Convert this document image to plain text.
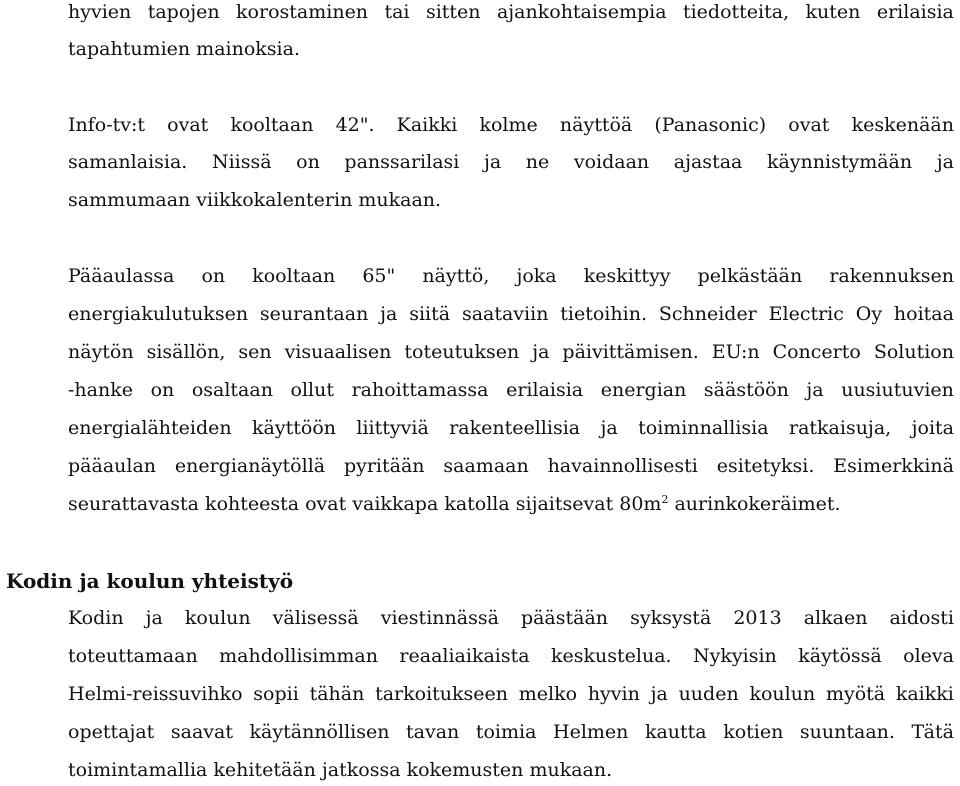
hyvien tapojen korostaminen tai sitten ajankohtaisempia tiedotteita, kuten erilaisia
tapahtumien mainoksia.
Info-tv:t ovat kooltaan 42". Kaikki kolme näyttöä (Panasonic) ovat keskenään
samanlaisia. Niissä on panssarilasi ja ne voidaan ajastaa käynnistymään ja
sammumaan viikkokalenterin mukaan.
Pääaulassa on kooltaan 65" näyttö, joka keskittyy pelkästään rakennuksen
energiakulutuksen seurantaan ja siitä saataviin tietoihin. Schneider Electric Oy hoitaa
näytön sisällön, sen visuaalisen toteutuksen ja päivittämisen. EU:n Concerto Solution
-hanke on osaltaan ollut rahoittamassa erilaisia energian säästöön ja uusiutuvien
energialähteiden käyttöön liittyviä rakenteellisia ja toiminnallisia ratkaisuja, joita
pääaulan energianäytöllä pyritään saamaan havainnollisesti esitetyksi. Esimerkkinä
seurattavasta kohteesta ovat vaikkapa katolla sijaitsevat $80m^2$ aurinkokeräimet.
Kodin ja koulun yhteistyö
Kodin ja koulun välisessä viestinnässä päästään syksystä 2013 alkaen aidosti
toteuttamaan mahdollisimman reaaliaikaista keskustelua. Nykyisin käytössä oleva
Helmi-reissuvihko sopii tähän tarkoitukseen melko hyvin ja uuden koulun myötä kaikki
opettajat saavat käytännöllisen tavan toimia Helmen kautta kotien suuntaan. Tätä
toimintamallia kehitetään jatkossa kokemusten mukaan.
